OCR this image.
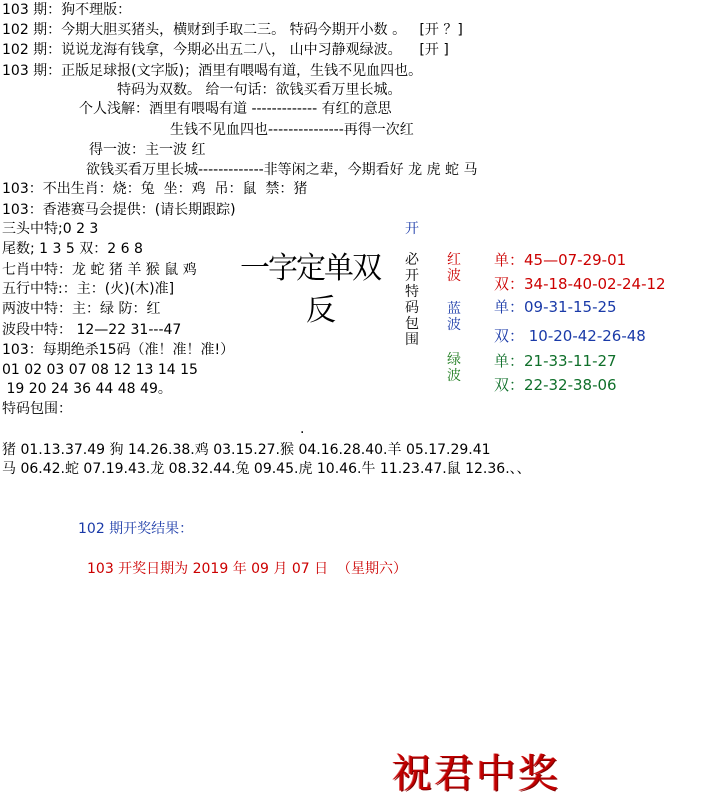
103 期：狗不理版：
102 期：今期大胆买猪头，横财到手取二三。 特码今期开小数 。   [开 ？]
102 期：说说龙海有钱拿，今期必出五二八， 山中习静观绿波。    [开 ]
103 期：正版足球报(文字版)；酒里有喂喝有道，生钱不见血四也。
特码为双数。 给一句话：欲钱买看万里长城。
个人浅解：酒里有喂喝有道 ------------- 有红的意思
生钱不见血四也---------------再得一次红
得一波：主一波 红
欲钱买看万里长城-------------非等闲之辈，今期看好 龙 虎 蛇 马
103：不出生肖：烧：兔  坐：鸡  吊：鼠  禁：猪
103：香港赛马会提供：(请长期跟踪)
三头中特;0 2 3
尾数; 1 3 5 双：2 6 8
七肖中特：龙 蛇 猪 羊 猴 鼠 鸡
五行中特:：主：(火)(木)准]
两波中特：主：绿 防：红
波段中特： 12—22 31---47
103：每期绝杀15码（准！准！准!）
01 02 03 07 08 12 13 14 15
19 20 24 36 44 48 49。
特码包围：
.
猪 01.13.37.49 狗 14.26.38.鸡 03.15.27.猴 04.16.28.40.羊 05.17.29.41
马 06.42.蛇 07.19.43.龙 08.32.44.兔 09.45.虎 10.46.牛 11.23.47.鼠 12.36.、、
102 期开奖结果：
103 开奖日期为 2019 年 09 月 07 日  （星期六）
一字定单双
反
开
必开特码包围
红波
蓝波
绿波
单：45—07-29-01
双：34-18-40-02-24-12
单：09-31-15-25
双： 10-20-42-26-48
单：21-33-11-27
双：22-32-38-06
祝君中奖
